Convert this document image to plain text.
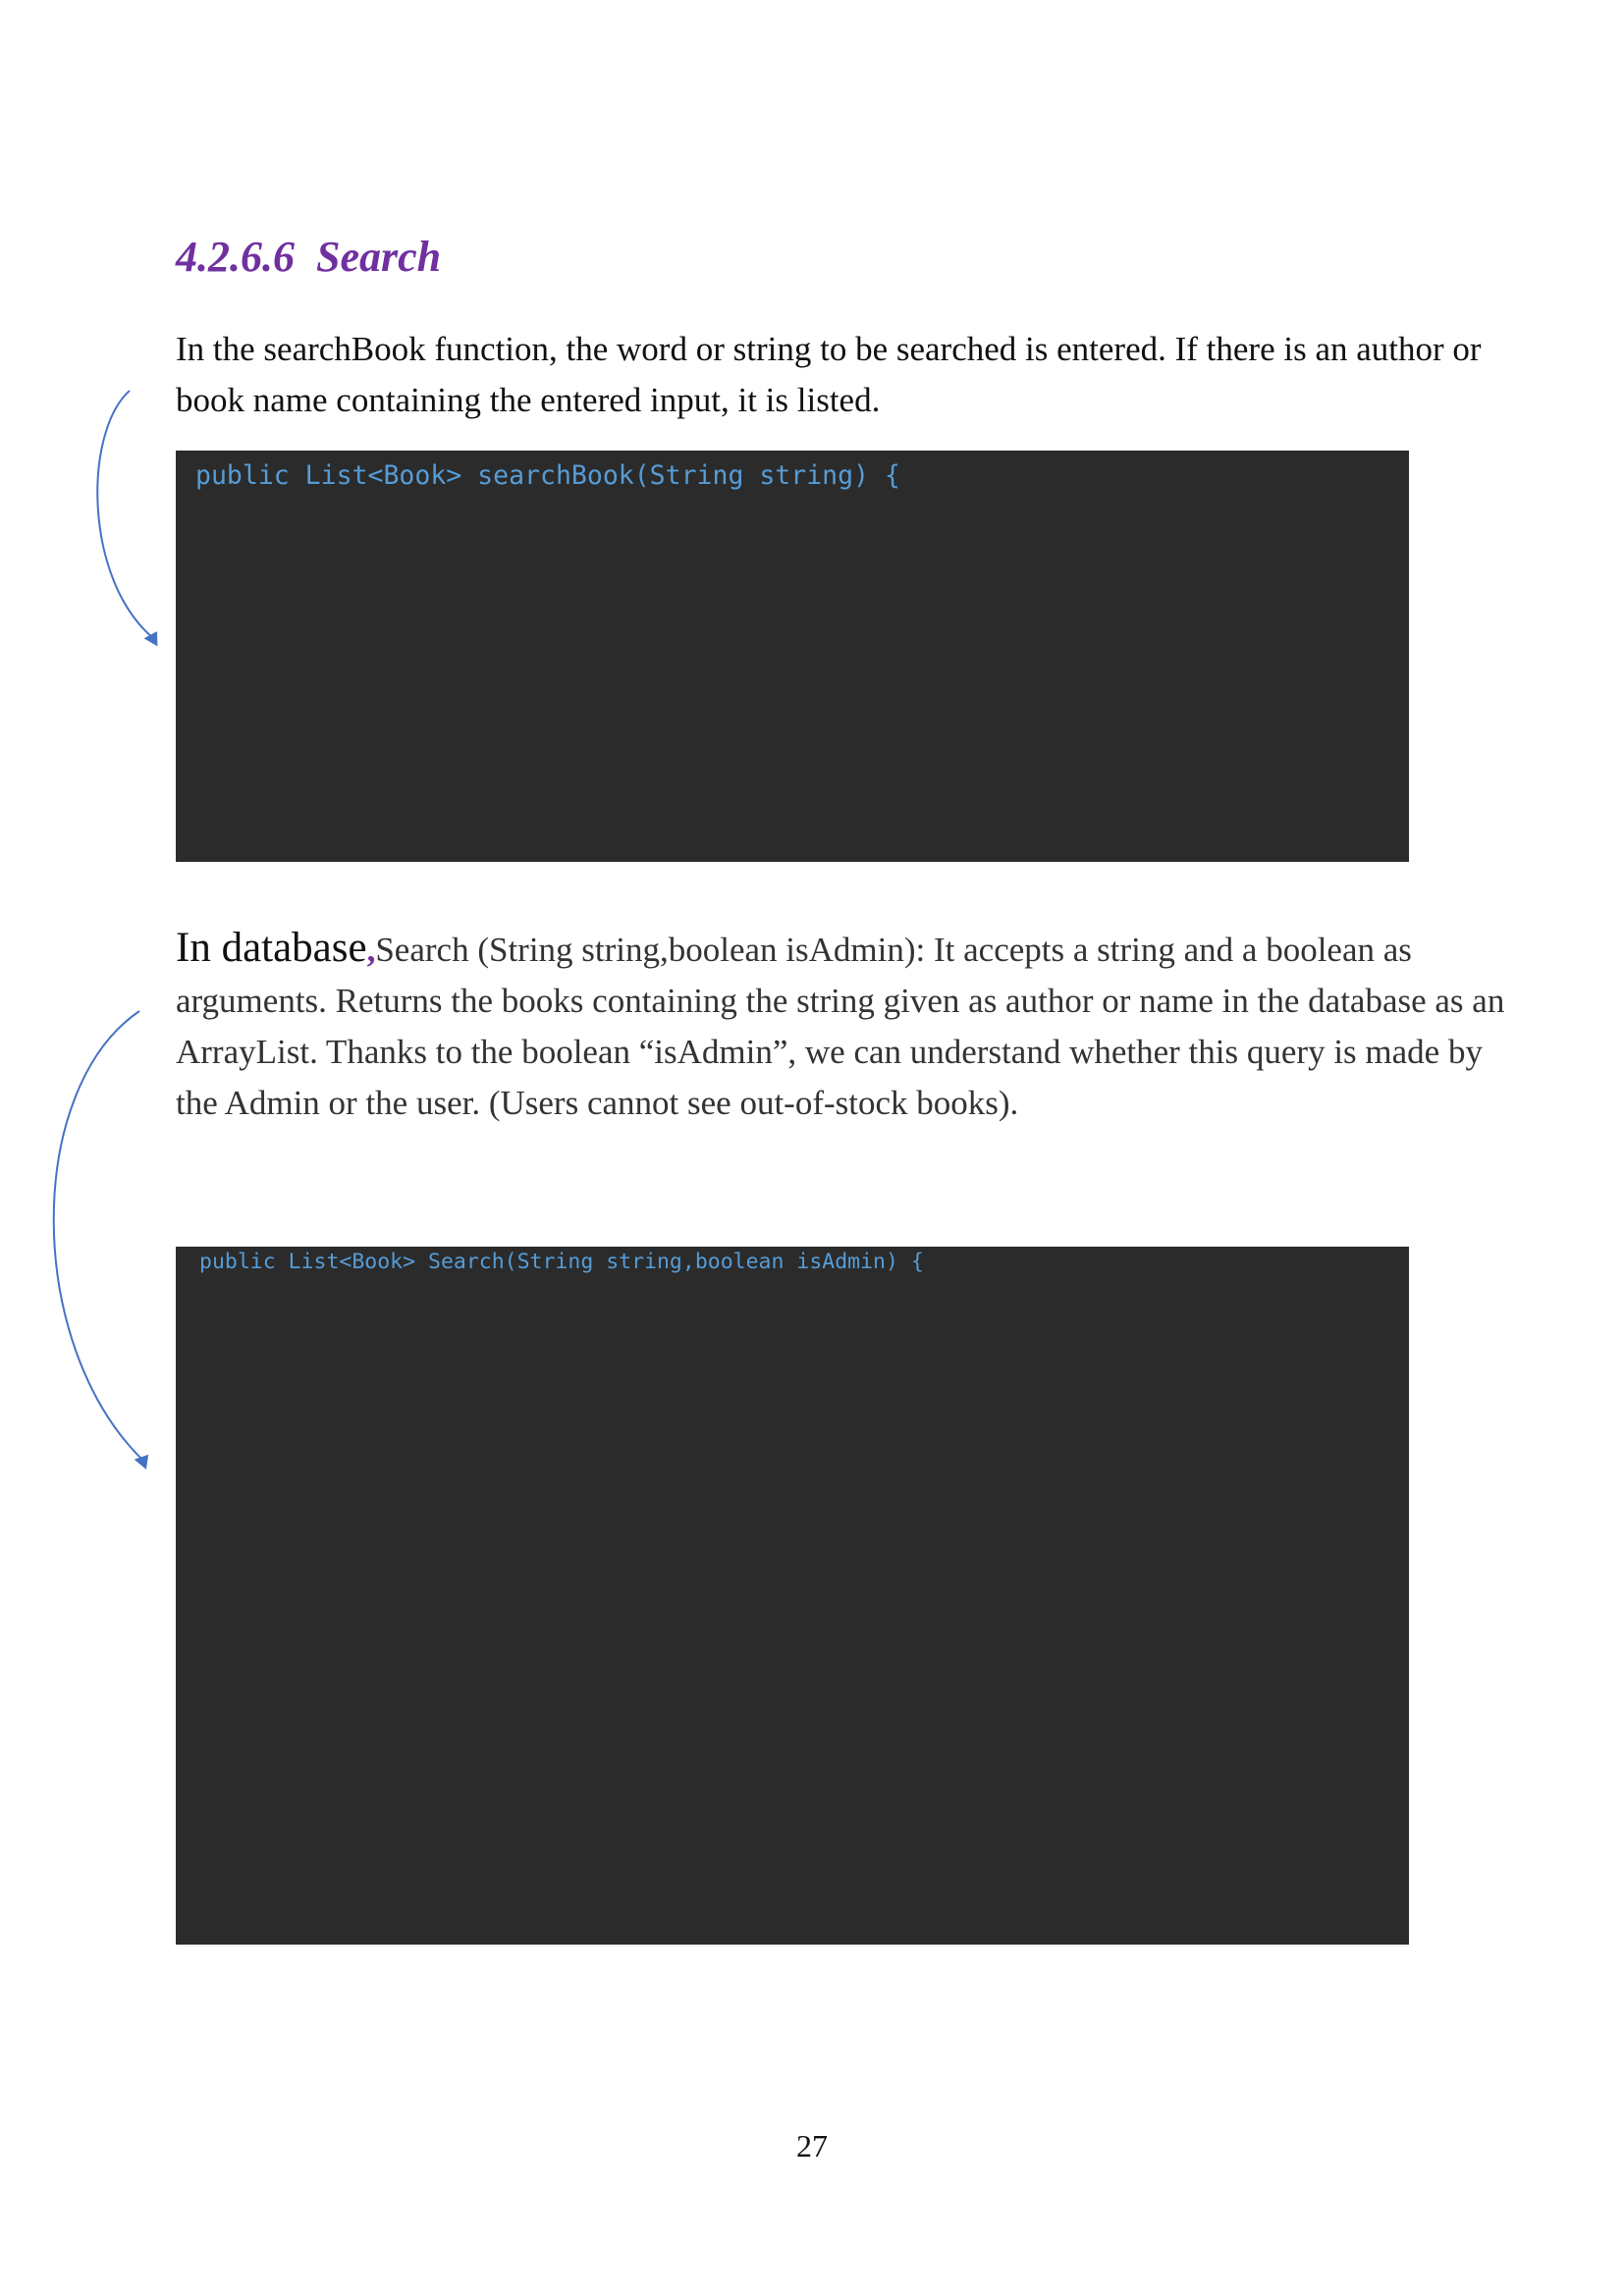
4.2.6.6 Search

In the searchBook function, the word or string to be searched is entered. If there is an author or book name containing the entered input, it is listed.

public List<Book> searchBook(String string) {

In database,Search (String string,boolean isAdmin): It accepts a string and a boolean as arguments. Returns the books containing the string given as author or name in the database as an ArrayList. Thanks to the boolean “isAdmin”, we can understand whether this query is made by the Admin or the user. (Users cannot see out-of-stock books).

public List<Book> Search(String string,boolean isAdmin) {
27
